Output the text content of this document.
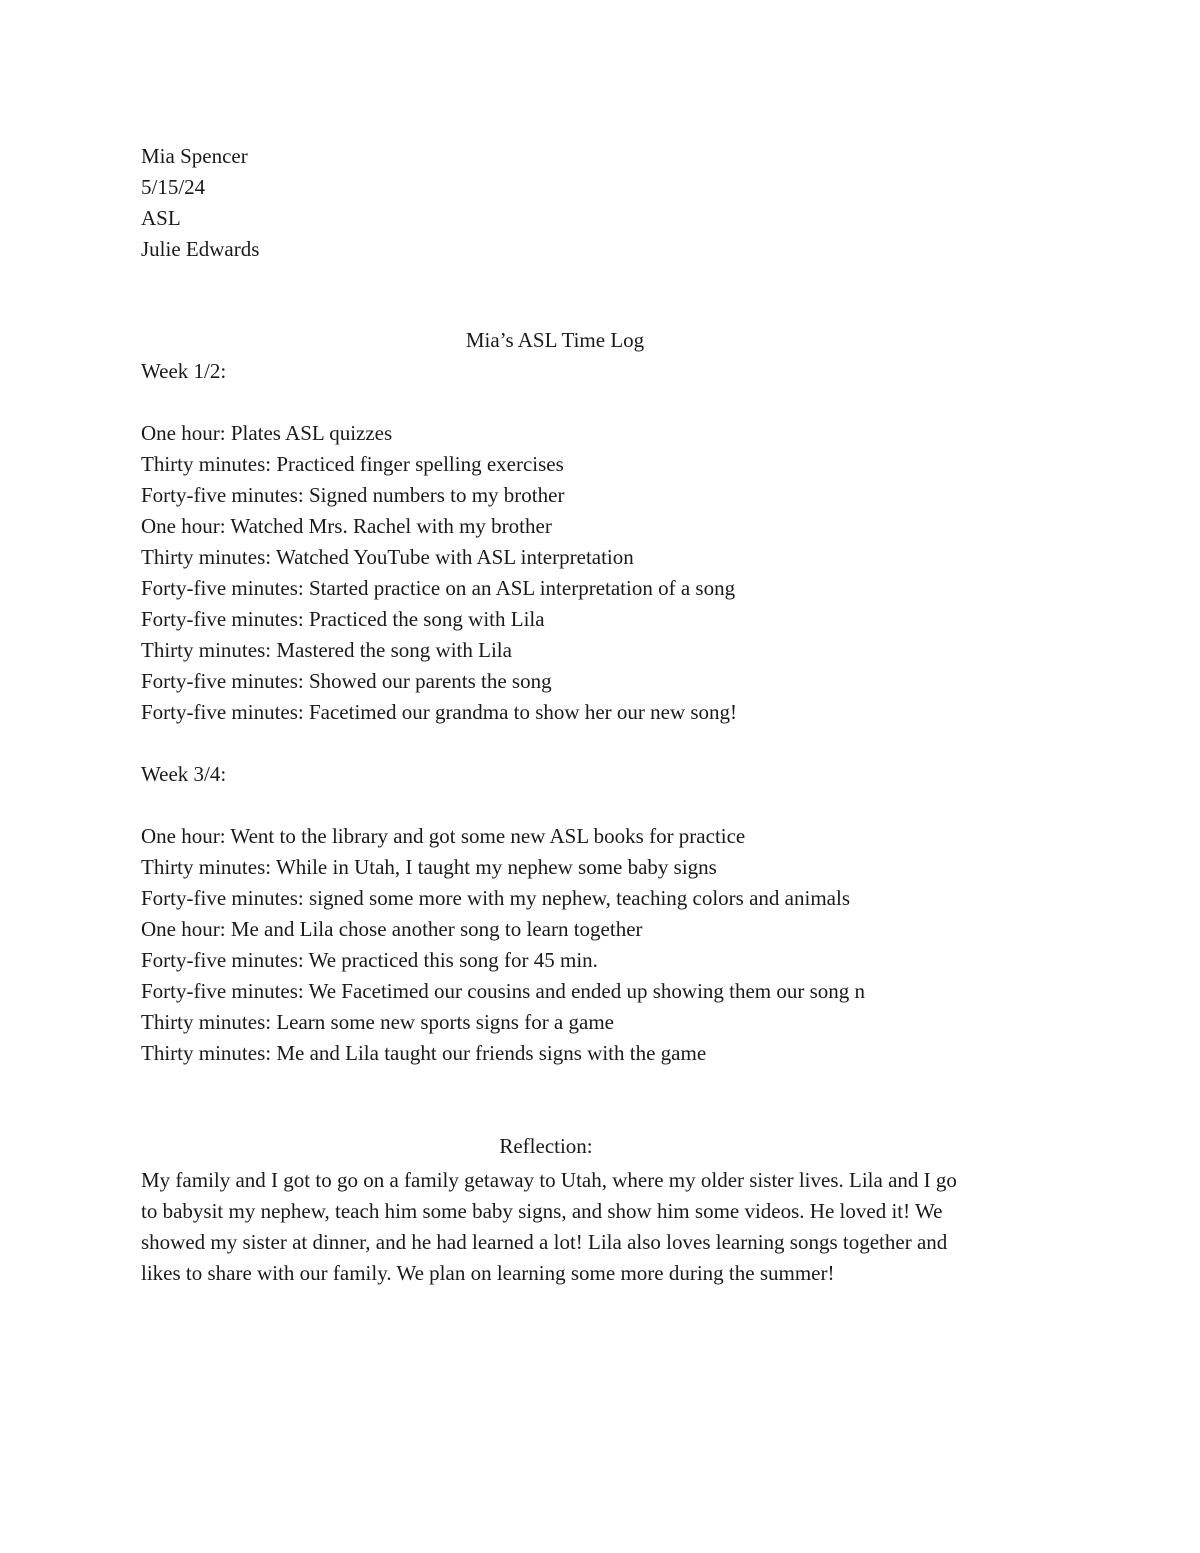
Mia Spencer
5/15/24
ASL
Julie Edwards
Mia’s ASL Time Log
Week 1/2:
One hour: Plates ASL quizzes
Thirty minutes: Practiced finger spelling exercises
Forty-five minutes: Signed numbers to my brother
One hour: Watched Mrs. Rachel with my brother
Thirty minutes: Watched YouTube with ASL interpretation
Forty-five minutes: Started practice on an ASL interpretation of a song
Forty-five minutes: Practiced the song with Lila
Thirty minutes: Mastered the song with Lila
Forty-five minutes: Showed our parents the song
Forty-five minutes: Facetimed our grandma to show her our new song!
Week 3/4:
One hour: Went to the library and got some new ASL books for practice
Thirty minutes: While in Utah, I taught my nephew some baby signs
Forty-five minutes: signed some more with my nephew, teaching colors and animals
One hour: Me and Lila chose another song to learn together
Forty-five minutes: We practiced this song for 45 min.
Forty-five minutes: We Facetimed our cousins and ended up showing them our song n
Thirty minutes: Learn some new sports signs for a game
Thirty minutes: Me and Lila taught our friends signs with the game
Reflection:
My family and I got to go on a family getaway to Utah, where my older sister lives. Lila and I go
to babysit my nephew, teach him some baby signs, and show him some videos. He loved it! We
showed my sister at dinner, and he had learned a lot! Lila also loves learning songs together and
likes to share with our family. We plan on learning some more during the summer!
